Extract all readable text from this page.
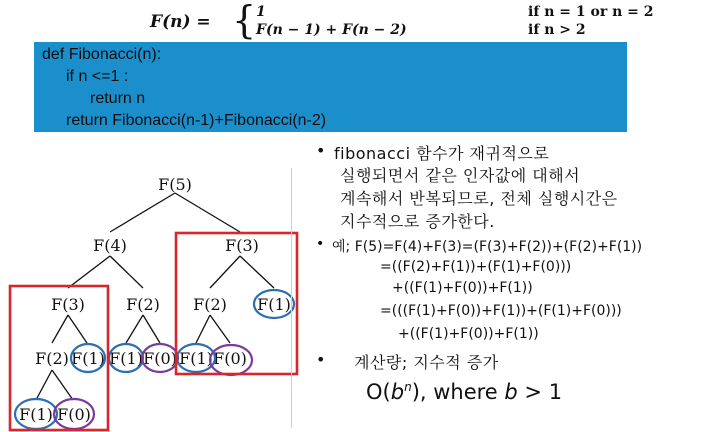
F(n) = { 1
F(n − 1) + F(n − 2)
if n = 1 or n = 2
if n > 2
def Fibonacci(n):
if n <=1 :
return n
return Fibonacci(n-1)+Fibonacci(n-2)
F(5)
F(4)	F(3)
F(3)	F(2) F(2) F(1)
F(2) F(1) F(1) F(0) F(1) F(0)
F(1) F(0)
• fibonacci 함수가 재귀적으로
실행되면서 같은 인자값에 대해서
계속해서 반복되므로, 전체 실행시간은
지수적으로 증가한다.
• 예; F(5)=F(4)+F(3)=(F(3)+F(2))+(F(2)+F(1))
=((F(2)+F(1))+(F(1)+F(0)))
+((F(1)+F(0))+F(1))
=(((F(1)+F(0))+F(1))+(F(1)+F(0)))
+((F(1)+F(0))+F(1))
• 계산량; 지수적 증가
$O(b^n)$, where b > 1
